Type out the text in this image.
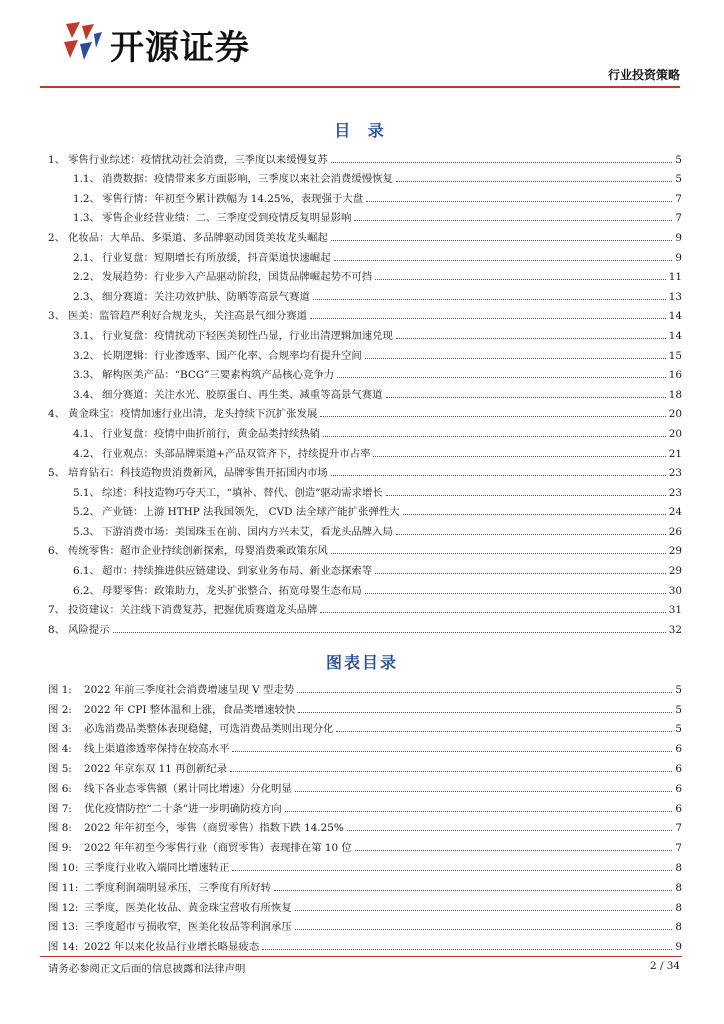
开源证券
行业投资策略
目 录
1、 零售行业综述：疫情扰动社会消费，三季度以来缓慢复苏	5
1.1、 消费数据：疫情带来多方面影响，三季度以来社会消费缓慢恢复	5
1.2、 零售行情：年初至今累计跌幅为 14.25%，表现强于大盘	7
1.3、 零售企业经营业绩：二、三季度受到疫情反复明显影响	7
2、 化妆品：大单品、多渠道、多品牌驱动国货美妆龙头崛起	9
2.1、 行业复盘：短期增长有所放缓，抖音渠道快速崛起	9
2.2、 发展趋势：行业步入产品驱动阶段，国货品牌崛起势不可挡	11
2.3、 细分赛道：关注功效护肤、防晒等高景气赛道	13
3、 医美：监管趋严利好合规龙头，关注高景气细分赛道	14
3.1、 行业复盘：疫情扰动下轻医美韧性凸显，行业出清逻辑加速兑现	14
3.2、 长期逻辑：行业渗透率、国产化率、合规率均有提升空间	15
3.3、 解构医美产品：“BCG”三要素构筑产品核心竞争力	16
3.4、 细分赛道：关注水光、胶原蛋白、再生类、减重等高景气赛道	18
4、 黄金珠宝：疫情加速行业出清，龙头持续下沉扩张发展	20
4.1、 行业复盘：疫情中曲折前行，黄金品类持续热销	20
4.2、 行业观点：头部品牌渠道+产品双管齐下，持续提升市占率	21
5、 培育钻石：科技造物贵消费新风，品牌零售开拓国内市场	23
5.1、 综述：科技造物巧夺天工，“填补、替代、创造”驱动需求增长	23
5.2、 产业链：上游 HTHP 法我国领先， CVD 法全球产能扩张弹性大	24
5.3、 下游消费市场：美国珠玉在前、国内方兴未艾，看龙头品牌入局	26
6、 传统零售：超市企业持续创新探索，母婴消费乘政策东风	29
6.1、 超市：持续推进供应链建设、到家业务布局、新业态探索等	29
6.2、 母婴零售：政策助力，龙头扩张整合、拓宽母婴生态布局	30
7、 投资建议：关注线下消费复苏，把握优质赛道龙头品牌	31
8、 风险提示	32
图表目录
图 1:	2022 年前三季度社会消费增速呈现 V 型走势	5
图 2:	2022 年 CPI 整体温和上涨，食品类增速较快	5
图 3:	必选消费品类整体表现稳健，可选消费品类则出现分化	5
图 4:	线上渠道渗透率保持在较高水平	6
图 5:	2022 年京东双 11 再创新纪录	6
图 6:	线下各业态零售额（累计同比增速）分化明显	6
图 7:	优化疫情防控“二十条”进一步明确防疫方向	6
图 8:	2022 年年初至今，零售（商贸零售）指数下跌 14.25%	7
图 9:	2022 年年初至今零售行业（商贸零售）表现排在第 10 位	7
图 10: 三季度行业收入端同比增速转正	8
图 11: 二季度利润端明显承压，三季度有所好转	8
图 12: 三季度，医美化妆品、黄金珠宝营收有所恢复	8
图 13: 三季度超市亏损收窄，医美化妆品等利润承压	8
图 14: 2022 年以来化妆品行业增长略显疲态	9
请务必参阅正文后面的信息披露和法律声明	2 / 34
